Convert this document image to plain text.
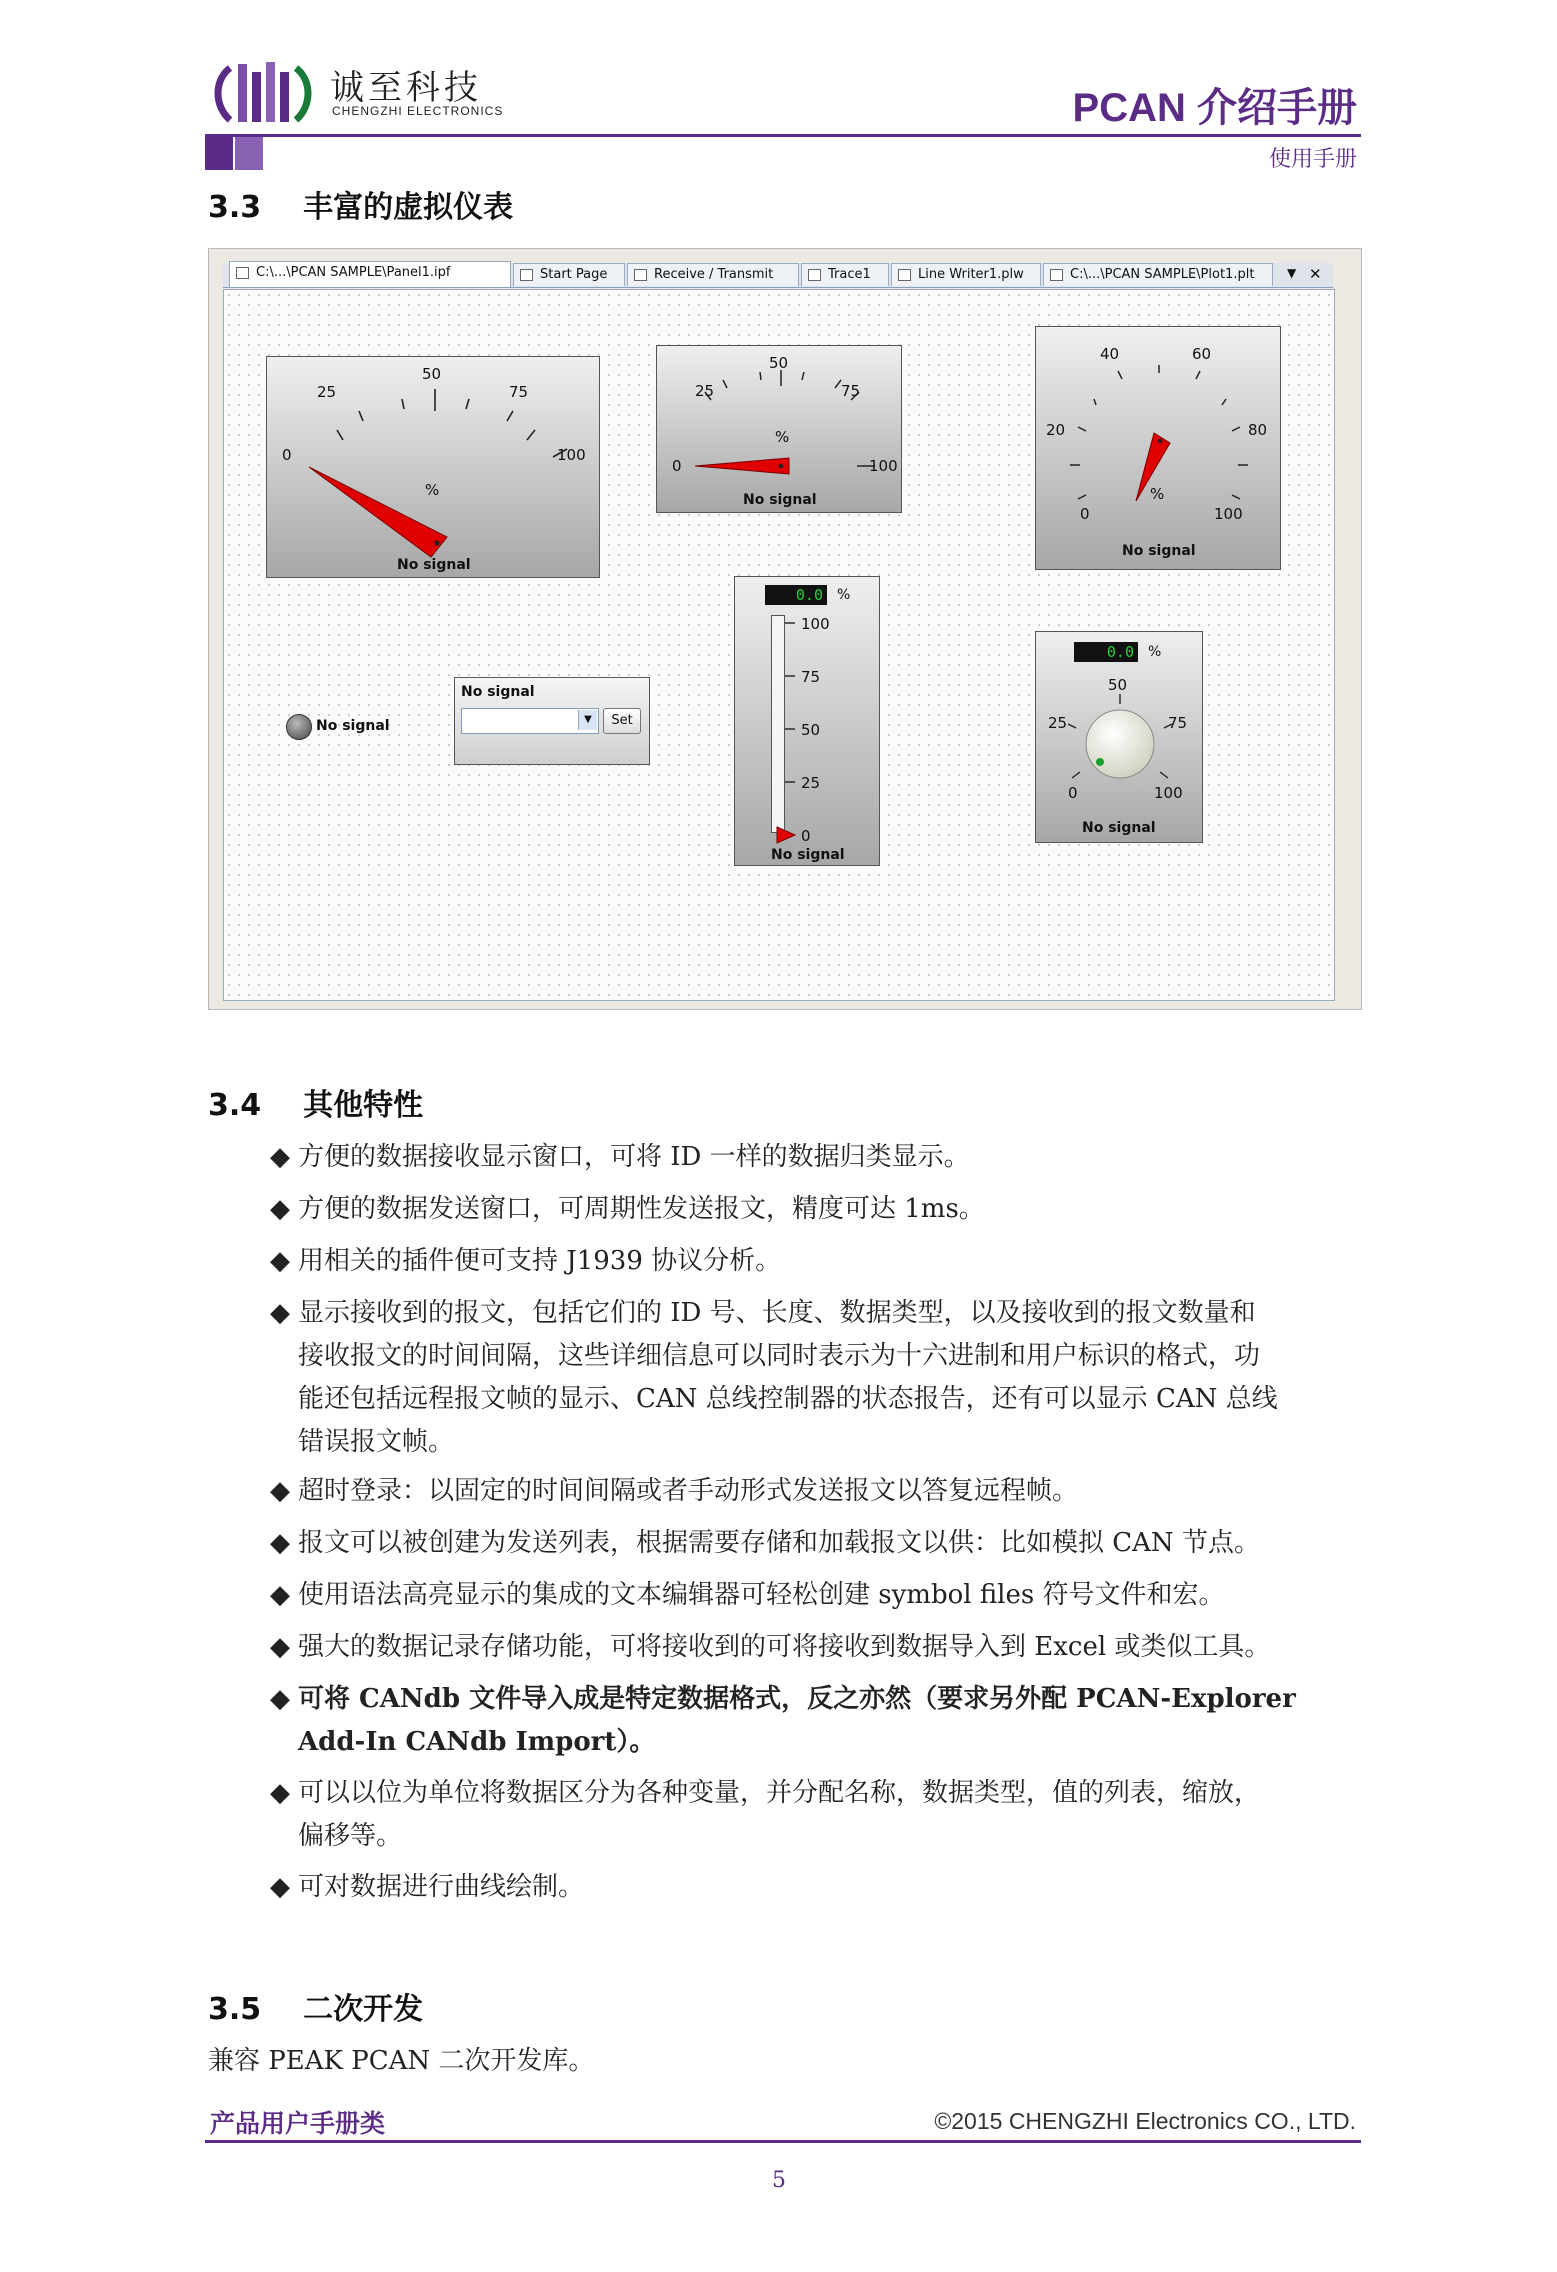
诚至科技
CHENGZHI ELECTRONICS	PCAN 介绍手册
使用手册
3.3 丰富的虚拟仪表
C:\...\PCAN SAMPLE\Panel1.ipf	Start Page	Receive / Transmit	Trace1	Line Writer1.plw	C:\...\PCAN SAMPLE\Plot1.plt	▼ ✕
0
25
50
75
100
%
No signal
0
25
50
75
100
%
No signal
20
40	60
80
0	100
%
No signal
No signal
No signal
▼	Set
0.0 %
100
75
50
25
0
No signal
0.0 %
50
25	75
0	100
No signal
3.4 其他特性
◆ 方便的数据接收显示窗口，可将 ID 一样的数据归类显示。
◆ 方便的数据发送窗口，可周期性发送报文，精度可达 1ms。
◆ 用相关的插件便可支持 J1939 协议分析。
◆ 显示接收到的报文，包括它们的 ID 号、长度、数据类型，以及接收到的报文数量和
接收报文的时间间隔，这些详细信息可以同时表示为十六进制和用户标识的格式，功
能还包括远程报文帧的显示、CAN 总线控制器的状态报告，还有可以显示 CAN 总线
错误报文帧。
◆ 超时登录：以固定的时间间隔或者手动形式发送报文以答复远程帧。
◆ 报文可以被创建为发送列表，根据需要存储和加载报文以供：比如模拟 CAN 节点。
◆ 使用语法高亮显示的集成的文本编辑器可轻松创建 symbol files 符号文件和宏。
◆ 强大的数据记录存储功能，可将接收到的可将接收到数据导入到 Excel 或类似工具。
◆ 可将 CANdb 文件导入成是特定数据格式，反之亦然（要求另外配 PCAN-Explorer
Add-In CANdb Import）。
◆ 可以以位为单位将数据区分为各种变量，并分配名称，数据类型，值的列表，缩放，
偏移等。
◆ 可对数据进行曲线绘制。
3.5 二次开发
兼容 PEAK PCAN 二次开发库。
产品用户手册类	©2015 CHENGZHI Electronics CO., LTD.
5
